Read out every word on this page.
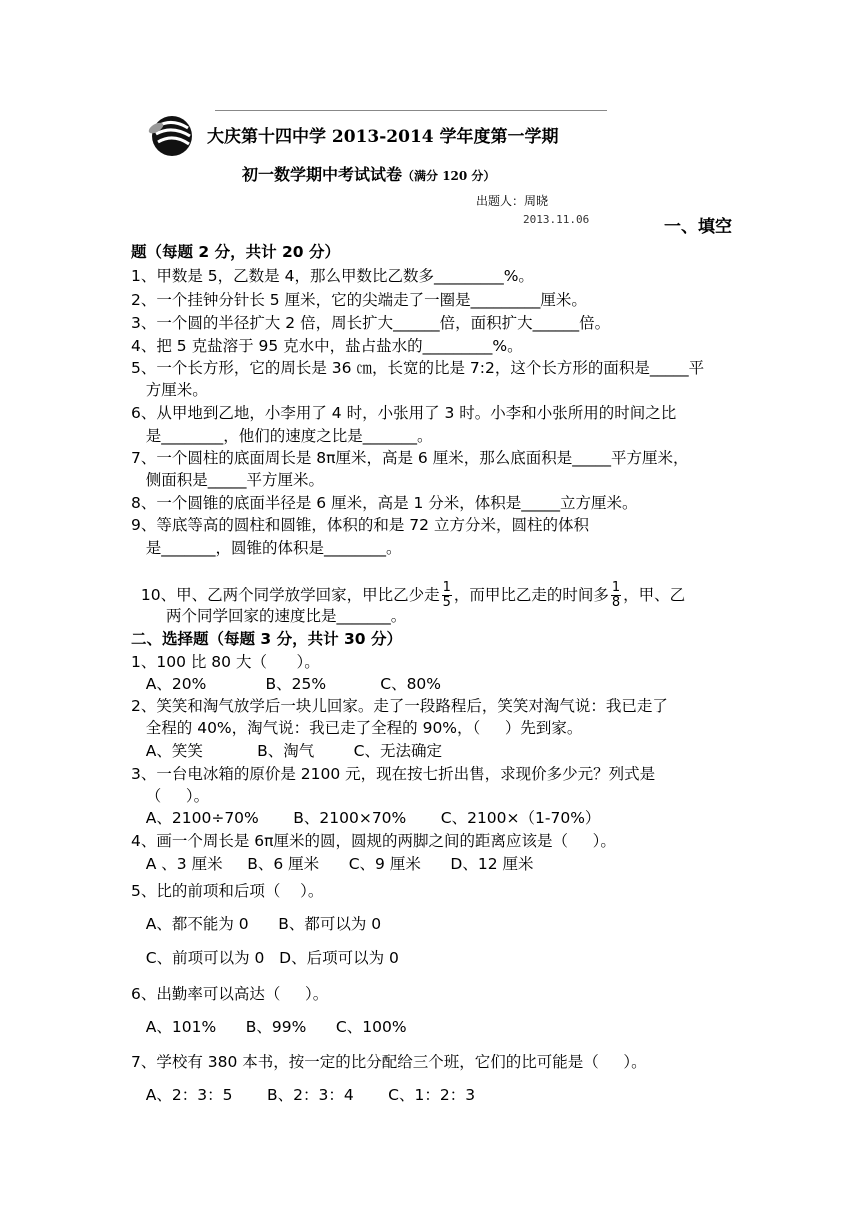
大庆第十四中学 2013-2014 学年度第一学期
初一数学期中考试试卷（满分 120 分）
出题人：周晓
2013.11.06	一、填空
题（每题 2 分，共计 20 分）
1、甲数是 5，乙数是 4，那么甲数比乙数多_________%。
2、一个挂钟分针长 5 厘米，它的尖端走了一圈是_________厘米。
3、一个圆的半径扩大 2 倍，周长扩大______倍，面积扩大______倍。
4、把 5 克盐溶于 95 克水中，盐占盐水的_________%。
5、一个长方形，它的周长是 36 ㎝，长宽的比是 7:2，这个长方形的面积是_____平
方厘米。
6、从甲地到乙地，小李用了 4 时，小张用了 3 时。小李和小张所用的时间之比
是________，他们的速度之比是_______。
7、一个圆柱的底面周长是 8π厘米，高是 6 厘米，那么底面积是_____平方厘米，
侧面积是_____平方厘米。
8、一个圆锥的底面半径是 6 厘米，高是 1 分米，体积是_____立方厘米。
9、等底等高的圆柱和圆锥，体积的和是 72 立方分米，圆柱的体积
是_______，圆锥的体积是________。

10、甲、乙两个同学放学回家，甲比乙少走 $\frac{1}{5}$ ，而甲比乙走的时间多 $\frac{1}{8}$ ，甲、乙

两个同学回家的速度比是_______。
二、选择题（每题 3 分，共计 30 分）
1、100 比 80 大（      ）。
A、20%            B、25%           C、80%
2、笑笑和淘气放学后一块儿回家。走了一段路程后，笑笑对淘气说：我已走了
全程的 40%，淘气说：我已走了全程的 90%，（     ）先到家。
A、笑笑           B、淘气        C、无法确定
3、一台电冰箱的原价是 2100 元，现在按七折出售，求现价多少元？列式是
（     ）。
A、2100÷70%       B、2100×70%       C、2100×（1-70%）
4、画一个周长是 6π厘米的圆，圆规的两脚之间的距离应该是（     ）。
A 、3 厘米     B、6 厘米      C、9 厘米      D、12 厘米
5、比的前项和后项（    ）。
A、都不能为 0      B、都可以为 0
C、前项可以为 0   D、后项可以为 0
6、出勤率可以高达（     ）。
A、101%      B、99%      C、100%
7、学校有 380 本书，按一定的比分配给三个班，它们的比可能是（     ）。
A、2：3：5       B、2：3：4       C、1：2：3
